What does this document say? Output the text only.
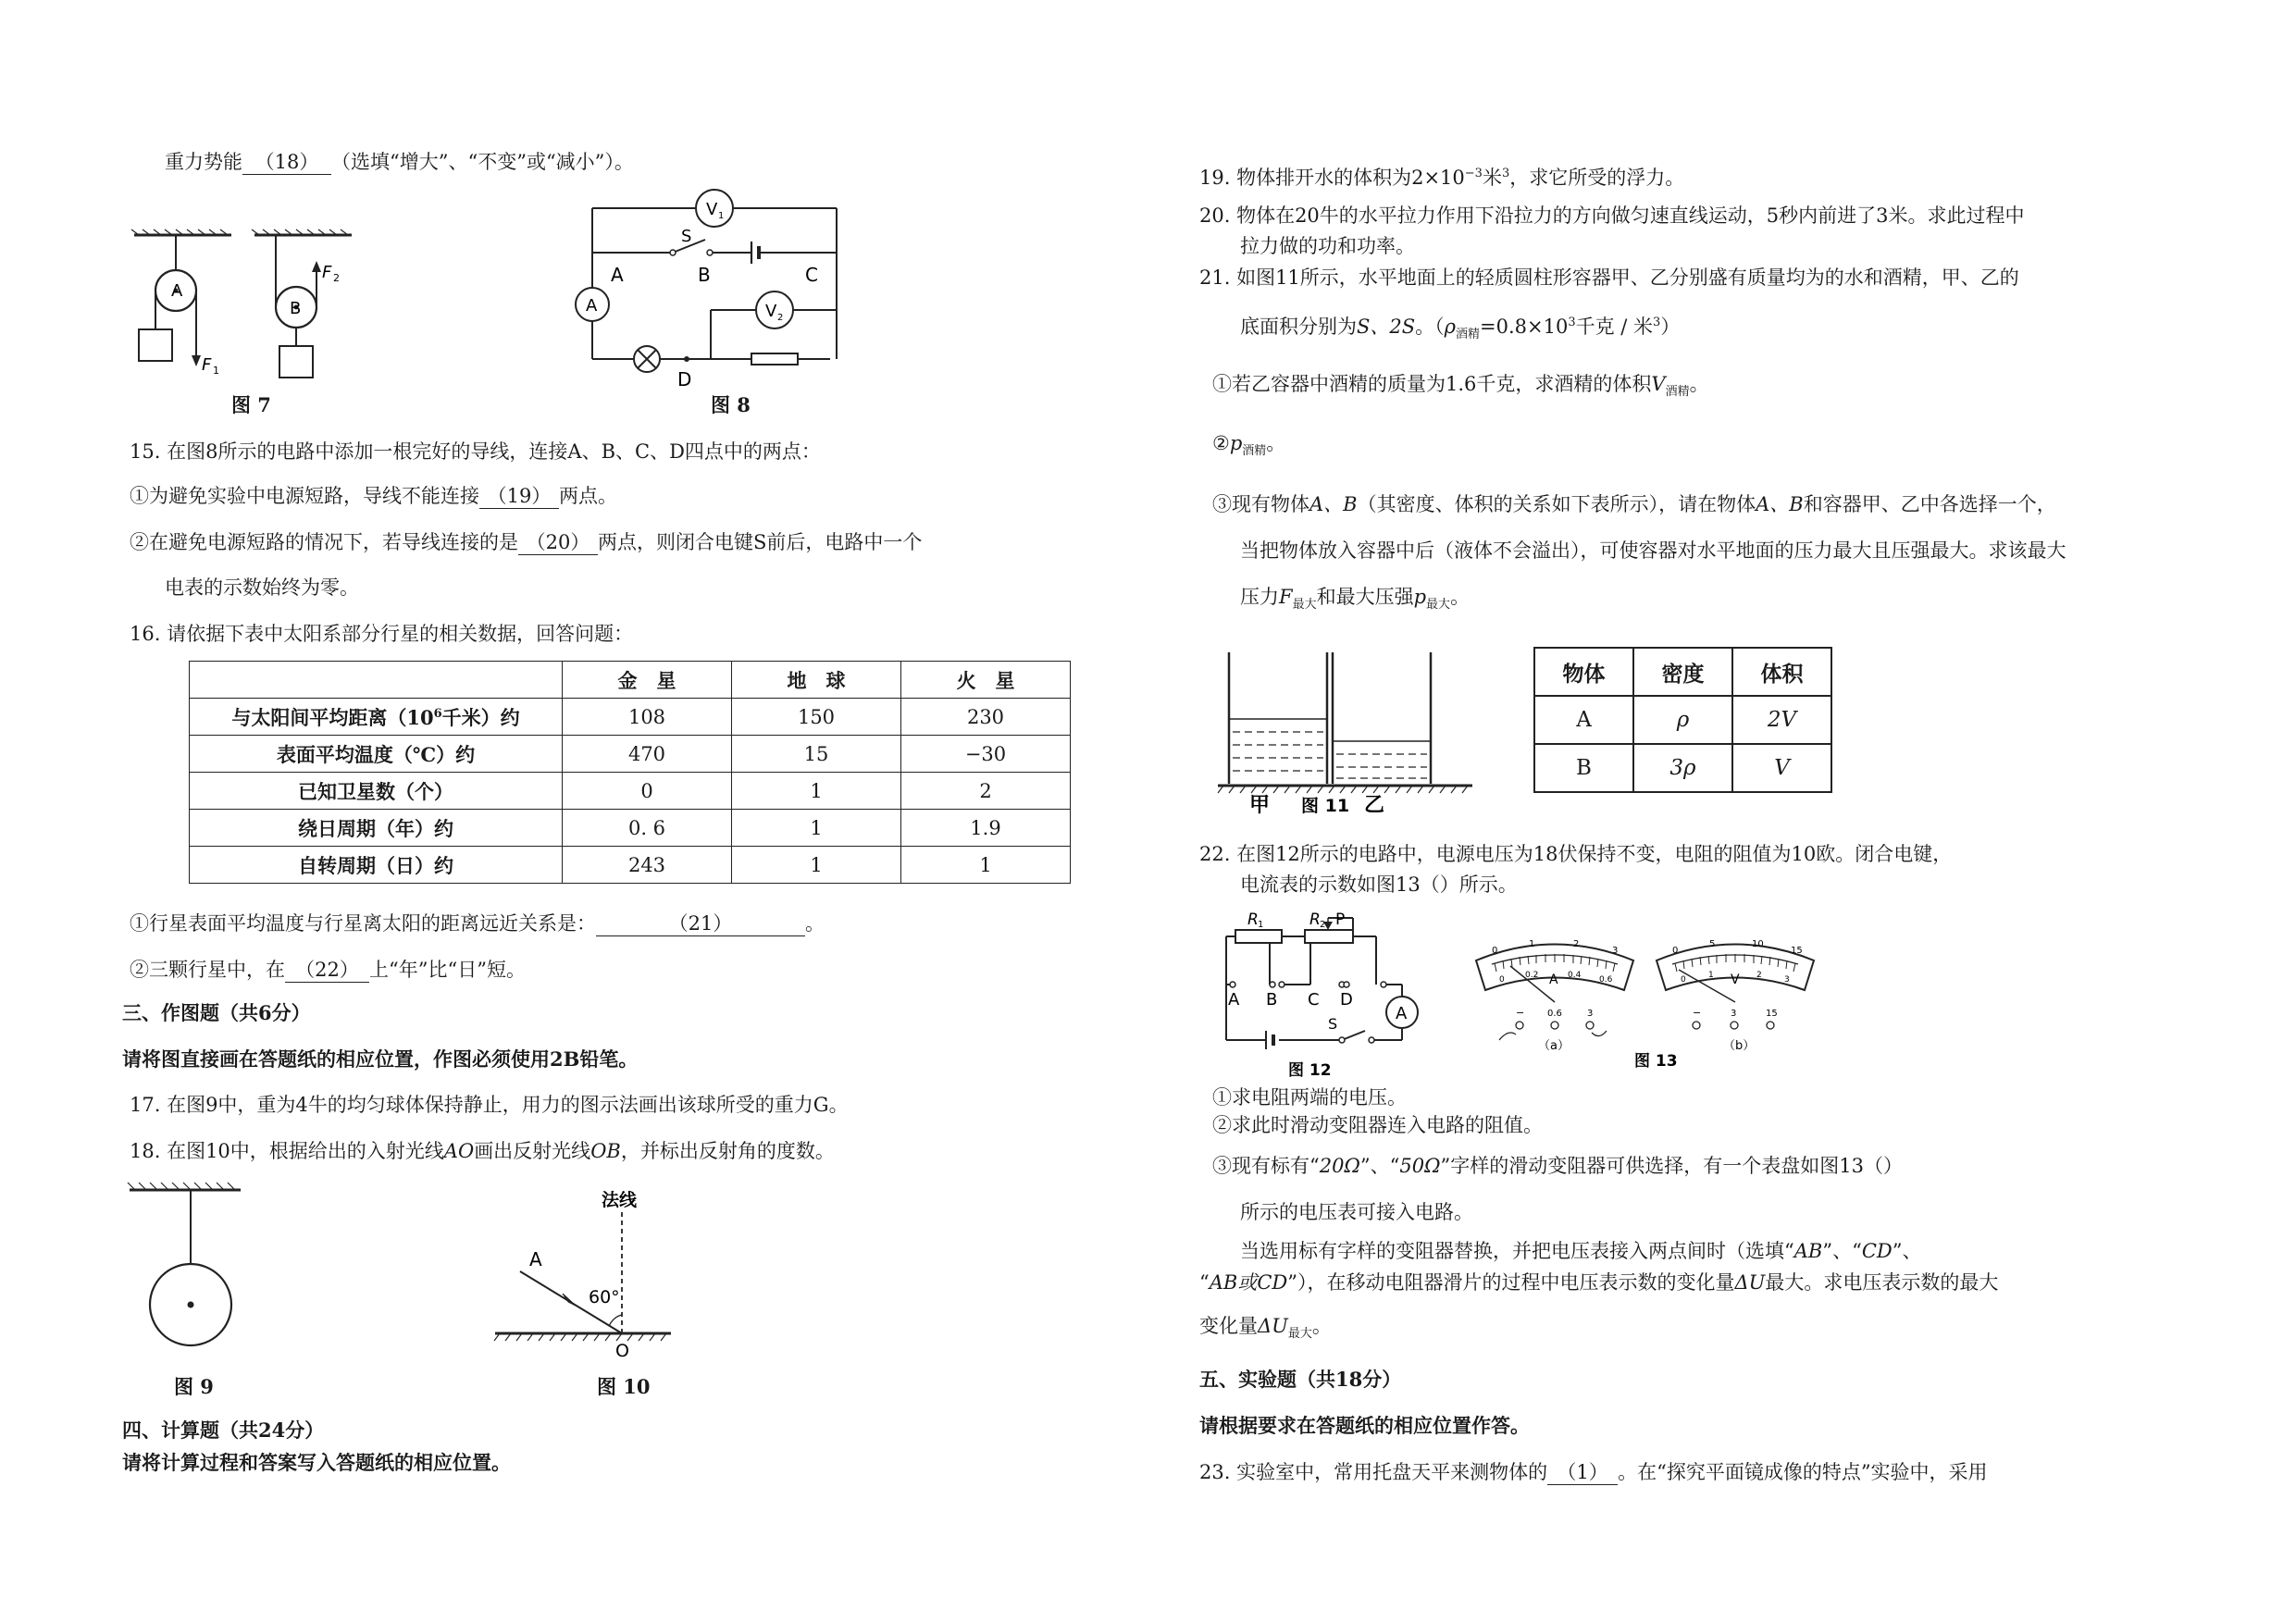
重力势能 （18） （选填“增大”、“不变”或“减小”）。
A
F 1
B
F 2
图 7
V 1
S
A	B	C
A	V 2
D
图 8
15. 在图8所示的电路中添加一根完好的导线，连接A、B、C、D四点中的两点：
①为避免实验中电源短路，导线不能连接 （19） 两点。
②在避免电源短路的情况下，若导线连接的是 （20） 两点，则闭合电键S前后，电路中一个
电表的示数始终为零。
16. 请依据下表中太阳系部分行星的相关数据，回答问题：
	金　星	地　球	火　星
与太阳间平均距离（$10^6$千米）约	108	150	230
表面平均温度（℃）约	470	15	−30
已知卫星数（个）	0	1	2
绕日周期（年）约	0. 6	1	1.9
自转周期（日）约	243	1	1
①行星表面平均温度与行星离太阳的距离远近关系是：	（21）	。
②三颗行星中，在 （22） 上“年”比“日”短。
三、作图题（共6分）
请将图直接画在答题纸的相应位置，作图必须使用2B铅笔。
17. 在图9中，重为4牛的均匀球体保持静止，用力的图示法画出该球所受的重力G。
18. 在图10中，根据给出的入射光线AO画出反射光线OB，并标出反射角的度数。
图 9
法线
A
60°
O
图 10
四、计算题（共24分）
请将计算过程和答案写入答题纸的相应位置。
19. 物体排开水的体积为$2\times 10^{-3}$米$^3$，求它所受的浮力。
20. 物体在20牛的水平拉力作用下沿拉力的方向做匀速直线运动，5秒内前进了3米。求此过程中
拉力做的功和功率。
21. 如图11所示，水平地面上的轻质圆柱形容器甲、乙分别盛有质量均为的水和酒精，甲、乙的
底面积分别为S、2S。（$\rho_{酒精}=0.8\times 10^3$千克 / 米$^3$）
①若乙容器中酒精的质量为1.6千克，求酒精的体积$V_{酒精}$。
$②p_{酒精}$。
③现有物体A、B（其密度、体积的关系如下表所示），请在物体A、B和容器甲、乙中各选择一个，
当把物体放入容器中后（液体不会溢出），可使容器对水平地面的压力最大且压强最大。求该最大
压力$F_{最大}$和最大压强$p_{最大}$。
甲 图 11 乙
物体	密度	体积
A	ρ	2V
B	3ρ	V
22. 在图12所示的电路中，电源电压为18伏保持不变，电阻的阻值为10欧。闭合电键，
电流表的示数如图13（）所示。
R 1	R 2 P
A B C D
A
S
图 12
0
1	2
3
0 0.2	0.4 0.6
A
− 0.6	3
（a）
0
5	10
15
0	1	2	3
V
−	3	15
（b）
图 13
①求电阻两端的电压。
②求此时滑动变阻器连入电路的阻值。
③现有标有“20Ω”、“50Ω”字样的滑动变阻器可供选择，有一个表盘如图13（）
所示的电压表可接入电路。
当选用标有字样的变阻器替换，并把电压表接入两点间时（选填“AB”、“CD”、
“AB或CD”），在移动电阻器滑片的过程中电压表示数的变化量ΔU最大。求电压表示数的最大
变化量$\Delta U_{最大}$。
五、实验题（共18分）
请根据要求在答题纸的相应位置作答。
23. 实验室中，常用托盘天平来测物体的 （1） 。在“探究平面镜成像的特点”实验中，采用
